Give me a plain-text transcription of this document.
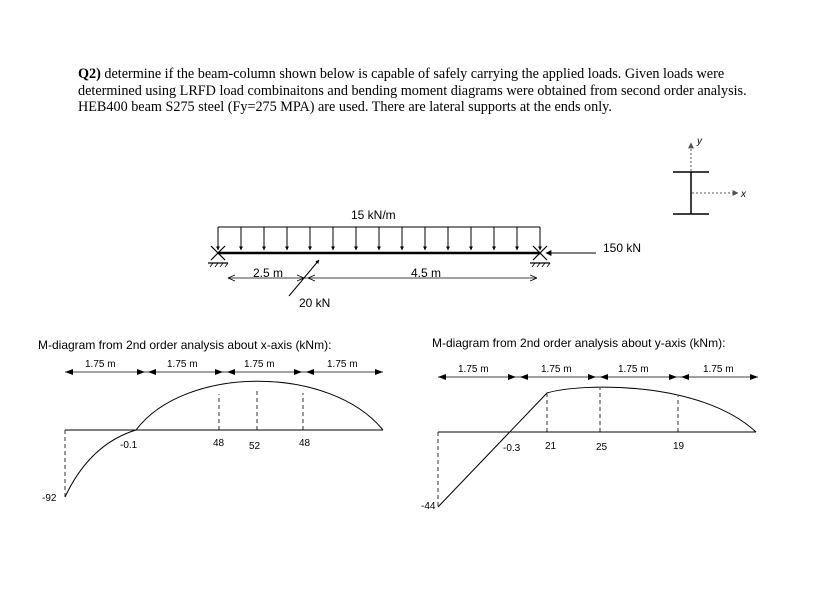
Q2) determine if the beam-column shown below is capable of safely carrying the applied loads. Given loads were determined using LRFD load combinaitons and bending moment diagrams were obtained from second order analysis. HEB400 beam S275 steel (Fy=275 MPA) are used. There are lateral supports at the ends only.
y
x
15 kN/m
150 kN
2.5 m	4.5 m
20 kN
M-diagram from 2nd order analysis about x-axis (kNm):
1.75 m	1.75 m	1.75 m	1.75 m
-92
-0.1	48 52	48
M-diagram from 2nd order analysis about y-axis (kNm):
1.75 m	1.75 m	1.75 m	1.75 m
-44
-0.3 21	25	19
